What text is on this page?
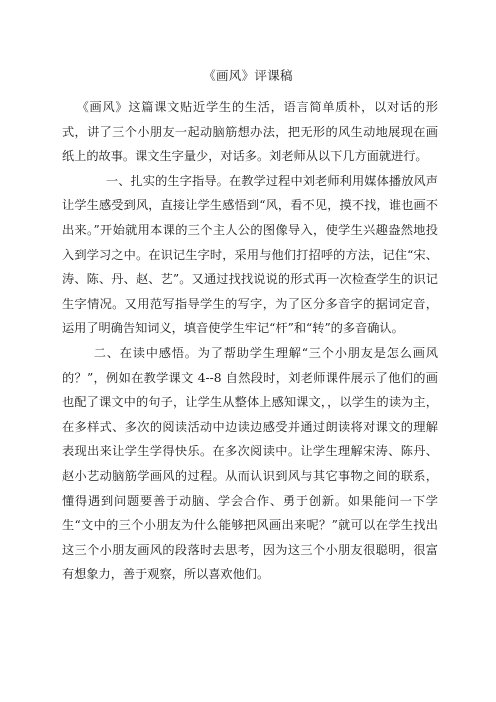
《画风》评课稿

《画风》这篇课文贴近学生的生活，语言简单质朴，以对话的形式，讲了三个小朋友一起动脑筋想办法，把无形的风生动地展现在画纸上的故事。课文生字量少，对话多。刘老师从以下几方面就进行。

一、扎实的生字指导。在教学过程中刘老师利用媒体播放风声让学生感受到风，直接让学生感悟到“风，看不见，摸不找，谁也画不出来。”开始就用本课的三个主人公的图像导入，使学生兴趣盎然地投入到学习之中。在识记生字时，采用与他们打招呼的方法，记住“宋、涛、陈、丹、赵、艺”。又通过找找说说的形式再一次检查学生的识记生字情况。又用范写指导学生的写字，为了区分多音字的据词定音，运用了明确告知词义，填音使学生牢记“杆”和“转”的多音确认。

二、在读中感悟。为了帮助学生理解“三个小朋友是怎么画风的？”，例如在教学课文 4--8 自然段时，刘老师课件展示了他们的画也配了课文中的句子，让学生从整体上感知课文，，以学生的读为主，在多样式、多次的阅读活动中边读边感受并通过朗读将对课文的理解表现出来让学生学得快乐。在多次阅读中。让学生理解宋涛、陈丹、赵小艺动脑筋学画风的过程。从而认识到风与其它事物之间的联系，懂得遇到问题要善于动脑、学会合作、勇于创新。如果能问一下学生“文中的三个小朋友为什么能够把风画出来呢？”就可以在学生找出这三个小朋友画风的段落时去思考，因为这三个小朋友很聪明，很富有想象力，善于观察，所以喜欢他们。
